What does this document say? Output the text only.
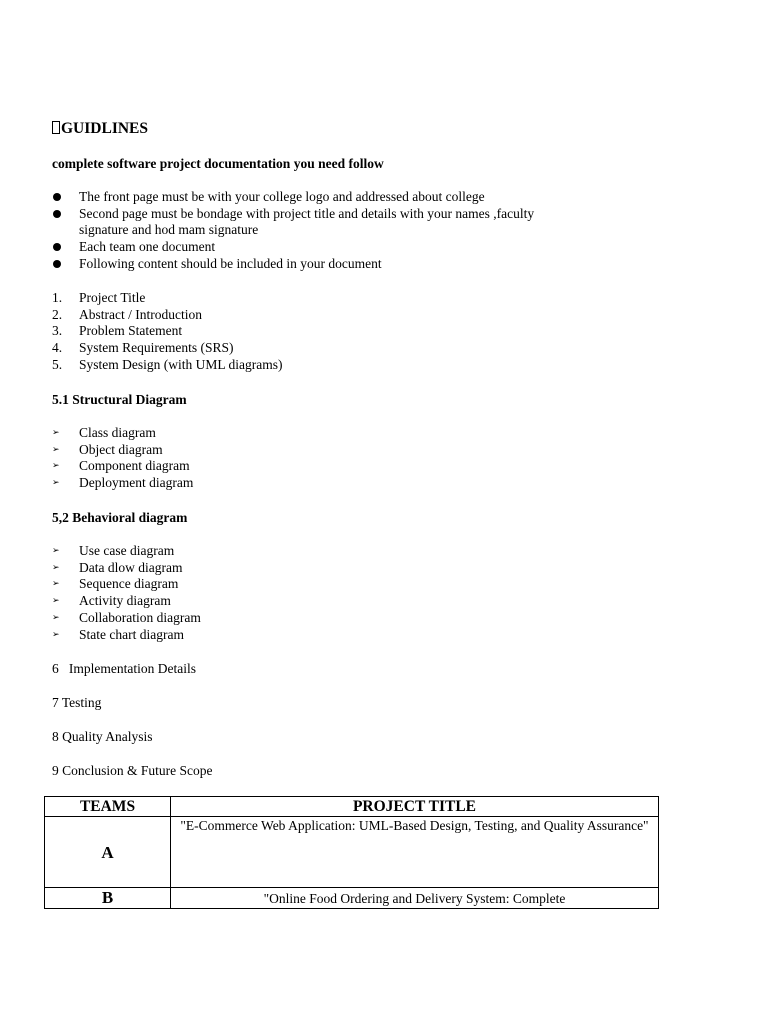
GUIDLINES
complete software project documentation you need follow
The front page must be with your college logo and addressed about college
Second page must be bondage with project title and details with your names ,faculty
signature and hod mam signature
Each team one document
Following content should be included in your document
1. Project Title
2. Abstract / Introduction
3. Problem Statement
4. System Requirements (SRS)
5. System Design (with UML diagrams)
5.1 Structural Diagram
➢ Class diagram
➢ Object diagram
➢ Component diagram
➢ Deployment diagram
5,2 Behavioral diagram
➢ Use case diagram
➢ Data dlow diagram
➢ Sequence diagram
➢ Activity diagram
➢ Collaboration diagram
➢ State chart diagram
6   Implementation Details
7 Testing
8 Quality Analysis
9 Conclusion & Future Scope
TEAMS	PROJECT TITLE
A	"E-Commerce Web Application: UML-Based Design, Testing, and Quality Assurance"
B	"Online Food Ordering and Delivery System: Complete
